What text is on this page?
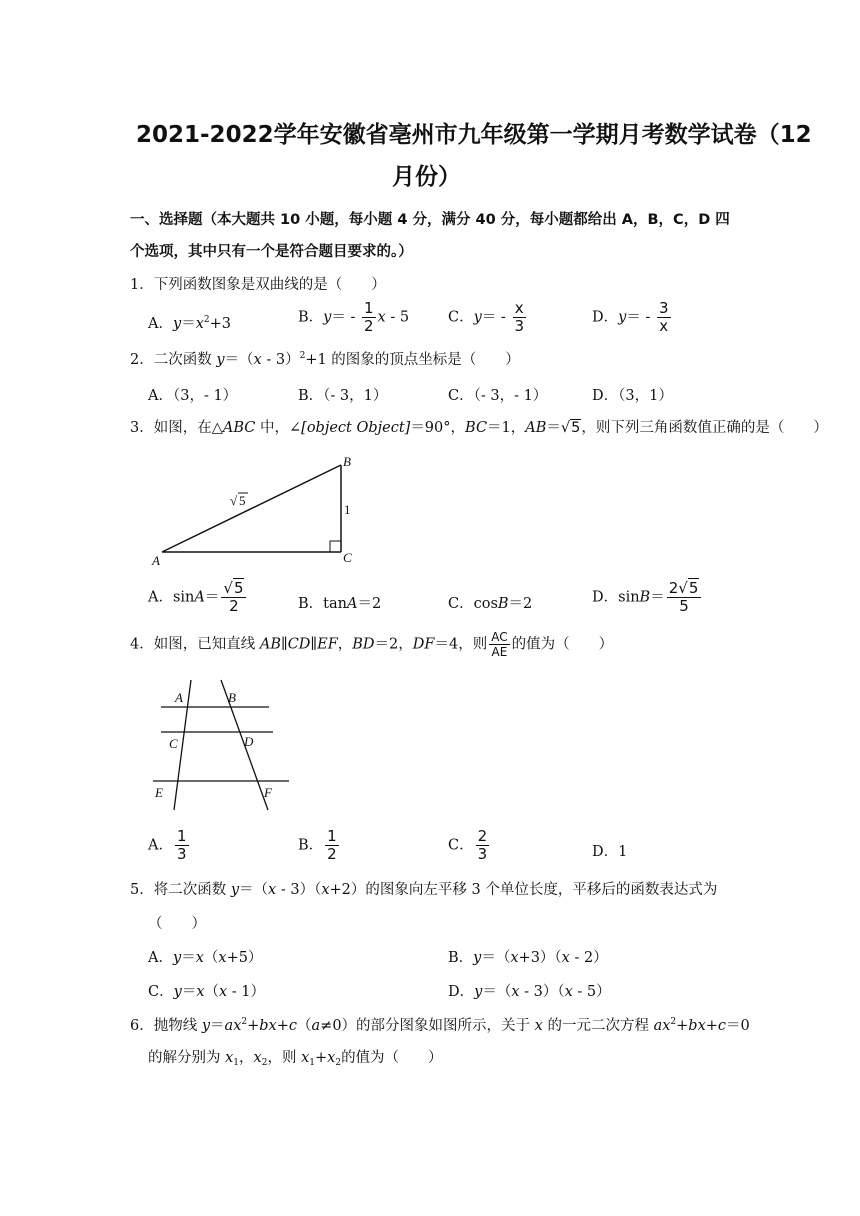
2021-2022学年安徽省亳州市九年级第一学期月考数学试卷（12
月份）
一、选择题（本大题共 10 小题，每小题 4 分，满分 40 分，每小题都给出 A，B，C，D 四
个选项，其中只有一个是符合题目要求的。）
1．下列函数图象是双曲线的是（　　）
A．$y=x^2+3$	B．$y= - \frac{1}{2}$ x - 5	C．$y= - \frac{x}{3}$	D．$y= - \frac{3}{x}$
2．二次函数 y＝（x - 3）$^2$+1 的图象的顶点坐标是（　　）
A．（3，- 1）	B．（- 3，1）	C．（- 3，- 1）	D．（3，1）
3．如图，在△ABC 中，∠[object Object]＝90°，BC＝1，AB＝√5，则下列三角函数值正确的是（　　）
A
B
C
√ 5
1
A．$\sin A= \frac{√5}{2}$	B．tanA＝2	C．cosB＝2	D．$\sin B= \frac{2√5}{5}$
4．如图，已知直线 AB∥CD∥EF，BD＝2，DF＝4，则 $\frac{AC}{AE}$ 的值为（　　）
A	B
C	D
E	F
A． $\frac{1}{3}$	B． $\frac{1}{2}$	C． $\frac{2}{3}$	D．1
5．将二次函数 y＝（x - 3）（x+2）的图象向左平移 3 个单位长度，平移后的函数表达式为
（　　）
A．y＝x（x+5）	B．y＝（x+3）（x - 2）
C．y＝x（x - 1）	D．y＝（x - 3）（x - 5）
6．抛物线 $y=ax^2+bx+c(a\ne 0)$的部分图象如图所示，关于 x 的一元二次方程 $ax^2+bx+c=0$
的解分别为 $x_1$，$x_2$，则 $x_1+x_2$的值为（　　）
